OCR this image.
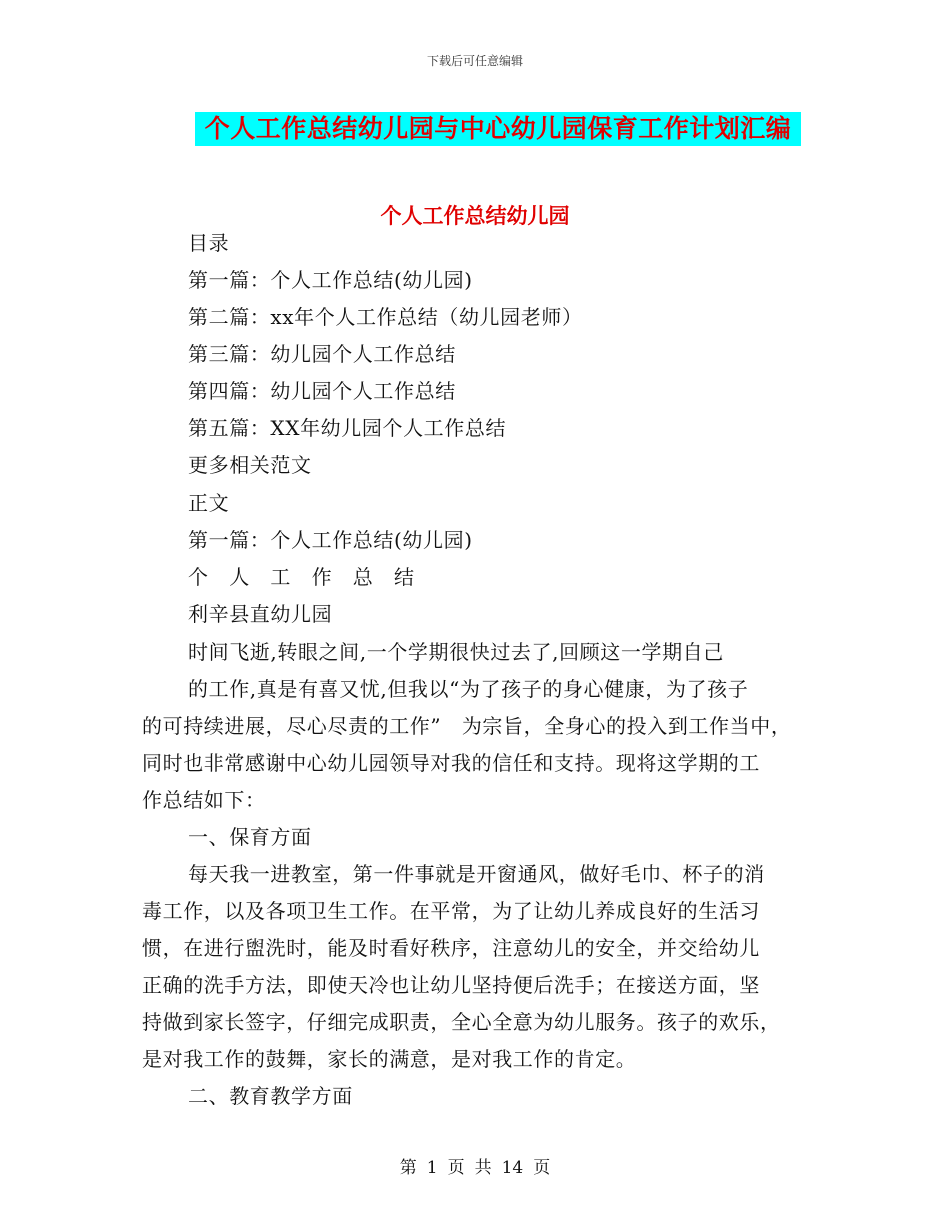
下载后可任意编辑
个人工作总结幼儿园与中心幼儿园保育工作计划汇编
个人工作总结幼儿园
目录
第一篇：个人工作总结(幼儿园)
第二篇：xx年个人工作总结（幼儿园老师）
第三篇：幼儿园个人工作总结
第四篇：幼儿园个人工作总结
第五篇：XX年幼儿园个人工作总结
更多相关范文
正文
第一篇：个人工作总结(幼儿园)
个　人　工　作　总　结
利辛县直幼儿园
时间飞逝,转眼之间,一个学期很快过去了,回顾这一学期自己
的工作,真是有喜又忧,但我以“为了孩子的身心健康，为了孩子
的可持续进展，尽心尽责的工作”　为宗旨，全身心的投入到工作当中，
同时也非常感谢中心幼儿园领导对我的信任和支持。现将这学期的工
作总结如下：
一、保育方面
每天我一进教室，第一件事就是开窗通风，做好毛巾、杯子的消
毒工作，以及各项卫生工作。在平常，为了让幼儿养成良好的生活习
惯，在进行盥洗时，能及时看好秩序，注意幼儿的安全，并交给幼儿
正确的洗手方法，即使天冷也让幼儿坚持便后洗手；在接送方面，坚
持做到家长签字，仔细完成职责，全心全意为幼儿服务。孩子的欢乐，
是对我工作的鼓舞，家长的满意，是对我工作的肯定。
二、教育教学方面
第 1 页 共 14 页
